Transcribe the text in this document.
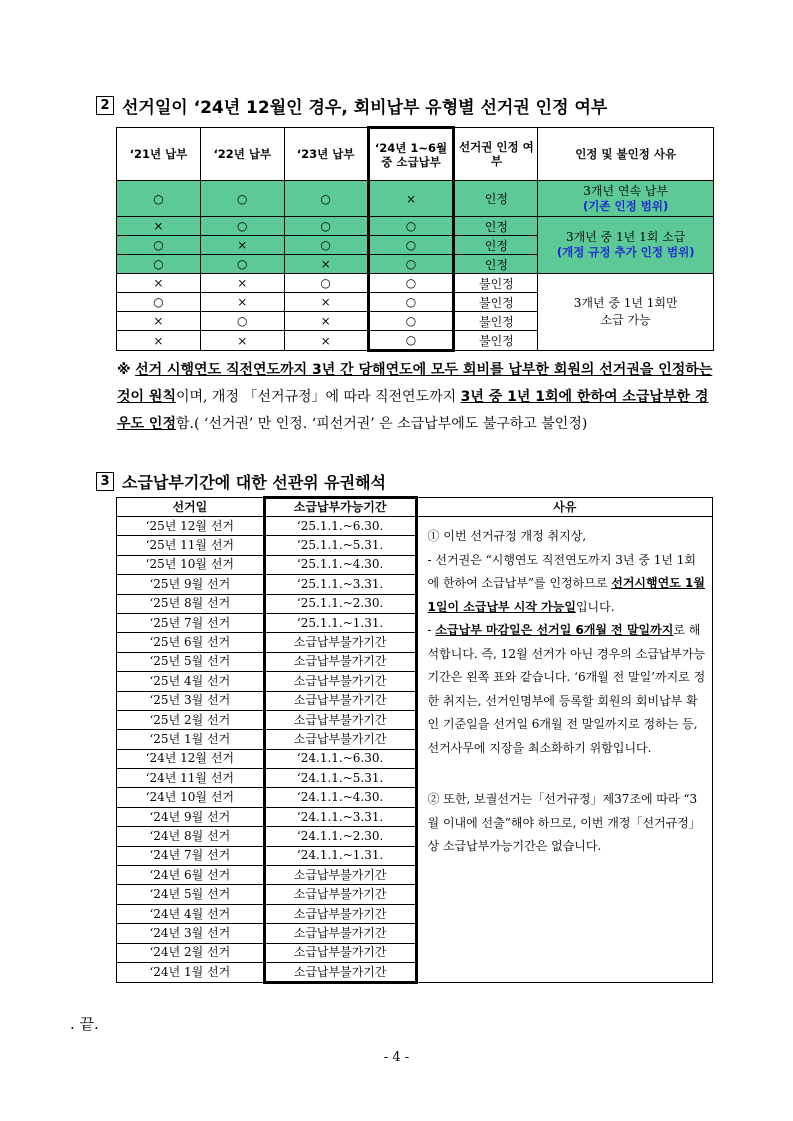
2 선거일이 ‘24년 12월인 경우, 회비납부 유형별 선거권 인정 여부
‘21년 납부	‘22년 납부	‘23년 납부	‘24년 1~6월 중 소급납부	선거권 인정 여부	인정 및 불인정 사유
○	○	○	×	인정	3개년 연속 납부
(기존 인정 범위)

×	○	○	○	인정	3개년 중 1년 1회 소급
(개정 규정 추가 인정 범위)

○	×	○	○	인정	
○	○	×	○	인정	
×	×	○	○	불인정	3개년 중 1년 1회만
소급 가능

○	×	×	○	불인정	
×	○	×	○	불인정	
×	×	×	○	불인정	
※ 선거 시행연도 직전연도까지 3년 간 당해연도에 모두 회비를 납부한 회원의 선거권을 인정하는 것이 원칙이며, 개정 「선거규정」에 따라 직전연도까지 3년 중 1년 1회에 한하여 소급납부한 경우도 인정함.( ‘선거권’ 만 인정. ‘피선거권’ 은 소급납부에도 불구하고 불인정)
3 소급납부기간에 대한 선관위 유권해석
선거일	소급납부가능기간	사유
‘25년 12월 선거	‘25.1.1.~6.30.	① 이번 선거규정 개정 취지상,
- 선거권은 “시행연도 직전연도까지 3년 중 1년 1회에 한하여 소급납부”를 인정하므로 선거시행연도 1월1일이 소급납부 시작 가능일입니다.
- 소급납부 마감일은 선거일 6개월 전 말일까지로 해석합니다. 즉, 12월 선거가 아닌 경우의 소급납부가능기간은 왼쪽 표와 같습니다. ‘6개월 전 말일’까지로 정한 취지는, 선거인명부에 등록할 회원의 회비납부 확인 기준일을 선거일 6개월 전 말일까지로 정하는 등, 선거사무에 지장을 최소화하기 위함입니다.
② 또한, 보궐선거는「선거규정」제37조에 따라 “3월 이내에 선출”해야 하므로, 이번 개정「선거규정」상 소급납부가능기간은 없습니다.

‘25년 11월 선거	‘25.1.1.~5.31.	
‘25년 10월 선거	‘25.1.1.~4.30.	
‘25년 9월 선거	‘25.1.1.~3.31.	
‘25년 8월 선거	‘25.1.1.~2.30.	
‘25년 7월 선거	‘25.1.1.~1.31.	
‘25년 6월 선거	소급납부불가기간	
‘25년 5월 선거	소급납부불가기간	
‘25년 4월 선거	소급납부불가기간	
‘25년 3월 선거	소급납부불가기간	
‘25년 2월 선거	소급납부불가기간	
‘25년 1월 선거	소급납부불가기간	
‘24년 12월 선거	‘24.1.1.~6.30.	
‘24년 11월 선거	‘24.1.1.~5.31.	
‘24년 10월 선거	‘24.1.1.~4.30.	
‘24년 9월 선거	‘24.1.1.~3.31.	
‘24년 8월 선거	‘24.1.1.~2.30.	
‘24년 7월 선거	‘24.1.1.~1.31.	
‘24년 6월 선거	소급납부불가기간	
‘24년 5월 선거	소급납부불가기간	
‘24년 4월 선거	소급납부불가기간	
‘24년 3월 선거	소급납부불가기간	
‘24년 2월 선거	소급납부불가기간	
‘24년 1월 선거	소급납부불가기간	
. 끝.
- 4 -
